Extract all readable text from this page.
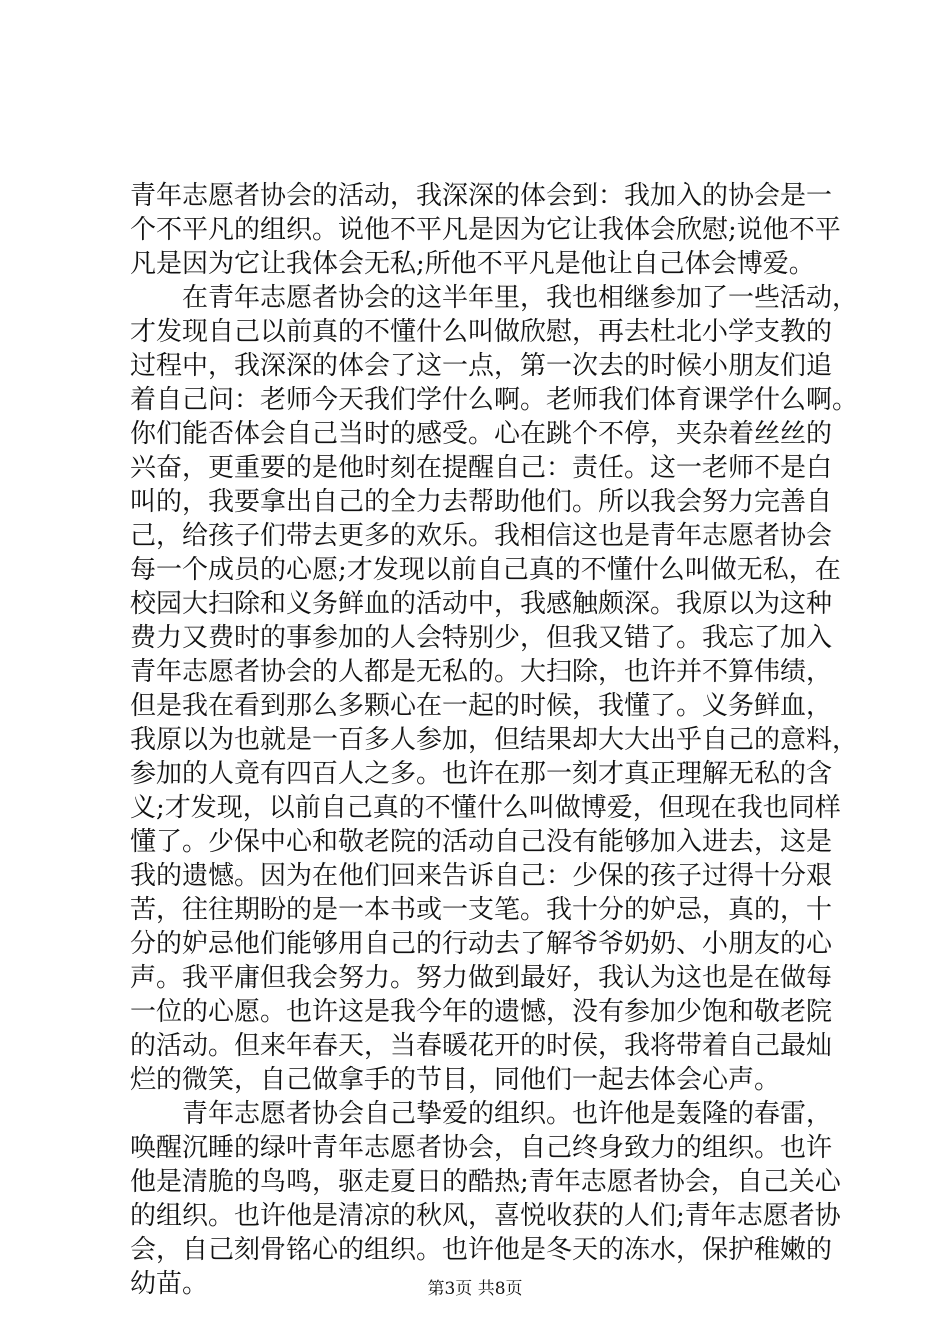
青年志愿者协会的活动，我深深的体会到：我加入的协会是一
个不平凡的组织。说他不平凡是因为它让我体会欣慰;说他不平
凡是因为它让我体会无私;所他不平凡是他让自己体会博爱。
　　在青年志愿者协会的这半年里，我也相继参加了一些活动，
才发现自己以前真的不懂什么叫做欣慰，再去杜北小学支教的
过程中，我深深的体会了这一点，第一次去的时候小朋友们追
着自己问：老师今天我们学什么啊。老师我们体育课学什么啊。
你们能否体会自己当时的感受。心在跳个不停，夹杂着丝丝的
兴奋，更重要的是他时刻在提醒自己：责任。这一老师不是白
叫的，我要拿出自己的全力去帮助他们。所以我会努力完善自
己，给孩子们带去更多的欢乐。我相信这也是青年志愿者协会
每一个成员的心愿;才发现以前自己真的不懂什么叫做无私，在
校园大扫除和义务鲜血的活动中，我感触颇深。我原以为这种
费力又费时的事参加的人会特别少，但我又错了。我忘了加入
青年志愿者协会的人都是无私的。大扫除，也许并不算伟绩，
但是我在看到那么多颗心在一起的时候，我懂了。义务鲜血，
我原以为也就是一百多人参加，但结果却大大出乎自己的意料，
参加的人竟有四百人之多。也许在那一刻才真正理解无私的含
义;才发现，以前自己真的不懂什么叫做博爱，但现在我也同样
懂了。少保中心和敬老院的活动自己没有能够加入进去，这是
我的遗憾。因为在他们回来告诉自己：少保的孩子过得十分艰
苦，往往期盼的是一本书或一支笔。我十分的妒忌，真的，十
分的妒忌他们能够用自己的行动去了解爷爷奶奶、小朋友的心
声。我平庸但我会努力。努力做到最好，我认为这也是在做每
一位的心愿。也许这是我今年的遗憾，没有参加少饱和敬老院
的活动。但来年春天，当春暖花开的时侯，我将带着自己最灿
烂的微笑，自己做拿手的节目，同他们一起去体会心声。
　　青年志愿者协会自己挚爱的组织。也许他是轰隆的春雷，
唤醒沉睡的绿叶青年志愿者协会，自己终身致力的组织。也许
他是清脆的鸟鸣，驱走夏日的酷热;青年志愿者协会，自己关心
的组织。也许他是清凉的秋风，喜悦收获的人们;青年志愿者协
会，自己刻骨铭心的组织。也许他是冬天的冻水，保护稚嫩的
幼苗。	第3页 共8页
